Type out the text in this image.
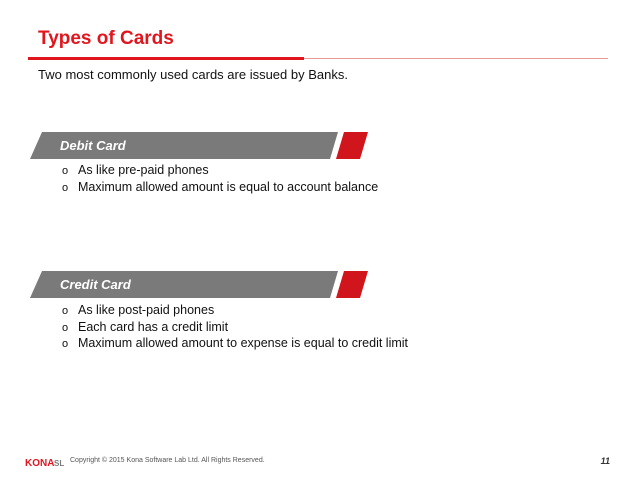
Types of Cards
Two most commonly used cards are issued by Banks.
Debit Card
o As like pre-paid phones
o Maximum allowed amount is equal to account balance
Credit Card
o As like post-paid phones
o Each card has a credit limit
o Maximum allowed amount to expense is equal to credit limit
KONA SL Copyright © 2015 Kona Software Lab Ltd. All Rights Reserved.	11
